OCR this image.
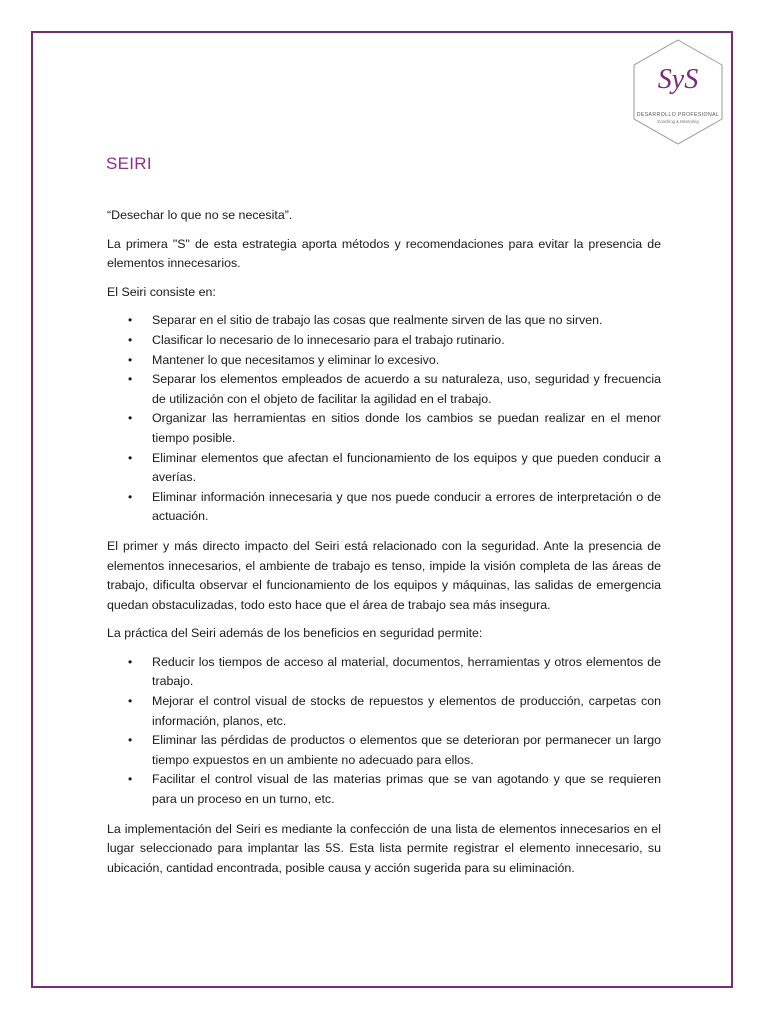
SyS
DESARROLLO PROFESIONAL
Coaching & Mentoring
SEIRI

“Desechar lo que no se necesita”.

La primera "S" de esta estrategia aporta métodos y recomendaciones para evitar la presencia de elementos innecesarios.

El Seiri consiste en:

• Separar en el sitio de trabajo las cosas que realmente sirven de las que no sirven.
• Clasificar lo necesario de lo innecesario para el trabajo rutinario.
• Mantener lo que necesitamos y eliminar lo excesivo.
• Separar los elementos empleados de acuerdo a su naturaleza, uso, seguridad y frecuencia de utilización con el objeto de facilitar la agilidad en el trabajo.
• Organizar las herramientas en sitios donde los cambios se puedan realizar en el menor tiempo posible.
• Eliminar elementos que afectan el funcionamiento de los equipos y que pueden conducir a averías.
• Eliminar información innecesaria y que nos puede conducir a errores de interpretación o de actuación.

El primer y más directo impacto del Seiri está relacionado con la seguridad. Ante la presencia de elementos innecesarios, el ambiente de trabajo es tenso, impide la visión completa de las áreas de trabajo, dificulta observar el funcionamiento de los equipos y máquinas, las salidas de emergencia quedan obstaculizadas, todo esto hace que el área de trabajo sea más insegura.

La práctica del Seiri además de los beneficios en seguridad permite:

• Reducir los tiempos de acceso al material, documentos, herramientas y otros elementos de trabajo.
• Mejorar el control visual de stocks de repuestos y elementos de producción, carpetas con información, planos, etc.
• Eliminar las pérdidas de productos o elementos que se deterioran por permanecer un largo tiempo expuestos en un ambiente no adecuado para ellos.
• Facilitar el control visual de las materias primas que se van agotando y que se requieren para un proceso en un turno, etc.

La implementación del Seiri es mediante la confección de una lista de elementos innecesarios en el lugar seleccionado para implantar las 5S. Esta lista permite registrar el elemento innecesario, su ubicación, cantidad encontrada, posible causa y acción sugerida para su eliminación.
